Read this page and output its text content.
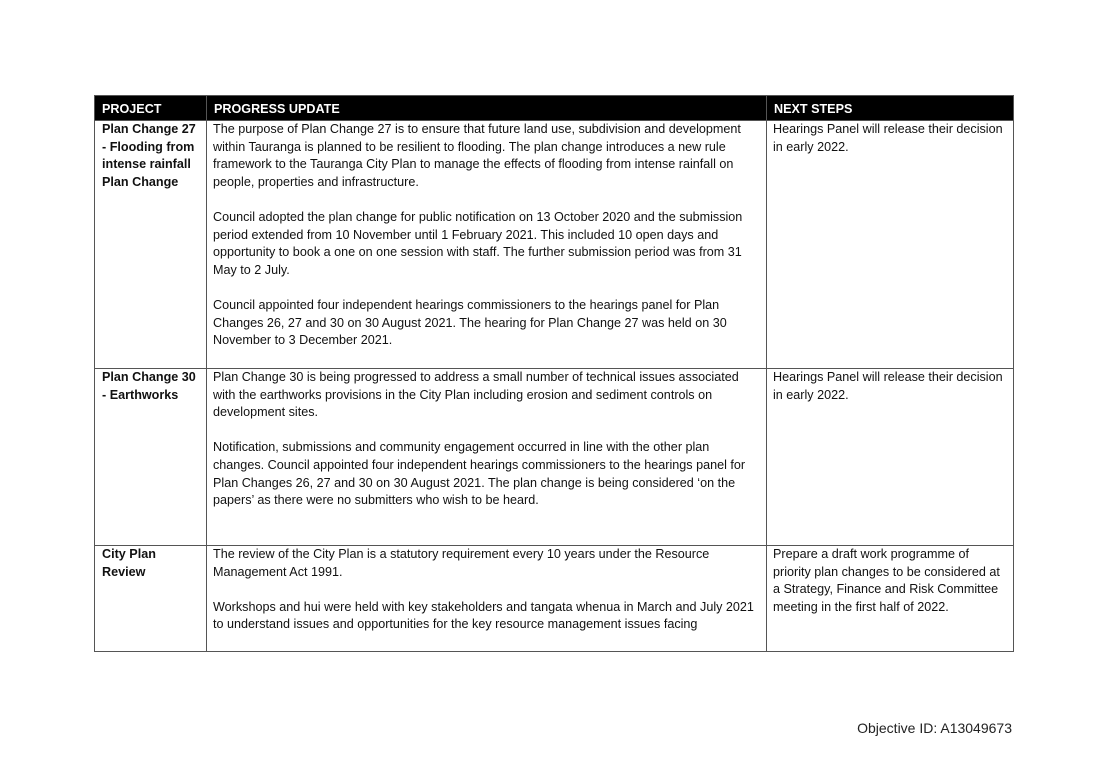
PROJECT	PROGRESS UPDATE	NEXT STEPS
Plan Change 27 - Flooding from intense rainfall Plan Change	The purpose of Plan Change 27 is to ensure that future land use, subdivision and development within Tauranga is planned to be resilient to flooding. The plan change introduces a new rule framework to the Tauranga City Plan to manage the effects of flooding from intense rainfall on people, properties and infrastructure.

Council adopted the plan change for public notification on 13 October 2020 and the submission period extended from 10 November until 1 February 2021. This included 10 open days and opportunity to book a one on one session with staff. The further submission period was from 31 May to 2 July.

Council appointed four independent hearings commissioners to the hearings panel for Plan Changes 26, 27 and 30 on 30 August 2021. The hearing for Plan Change 27 was held on 30 November to 3 December 2021.	Hearings Panel will release their decision in early 2022.
Plan Change 30 - Earthworks	Plan Change 30 is being progressed to address a small number of technical issues associated with the earthworks provisions in the City Plan including erosion and sediment controls on development sites.

Notification, submissions and community engagement occurred in line with the other plan changes. Council appointed four independent hearings commissioners to the hearings panel for Plan Changes 26, 27 and 30 on 30 August 2021. The plan change is being considered ‘on the papers’ as there were no submitters who wish to be heard.	Hearings Panel will release their decision in early 2022.
City Plan Review	The review of the City Plan is a statutory requirement every 10 years under the Resource Management Act 1991.

Workshops and hui were held with key stakeholders and tangata whenua in March and July 2021 to understand issues and opportunities for the key resource management issues facing	Prepare a draft work programme of priority plan changes to be considered at a Strategy, Finance and Risk Committee meeting in the first half of 2022.
Objective ID: A13049673
